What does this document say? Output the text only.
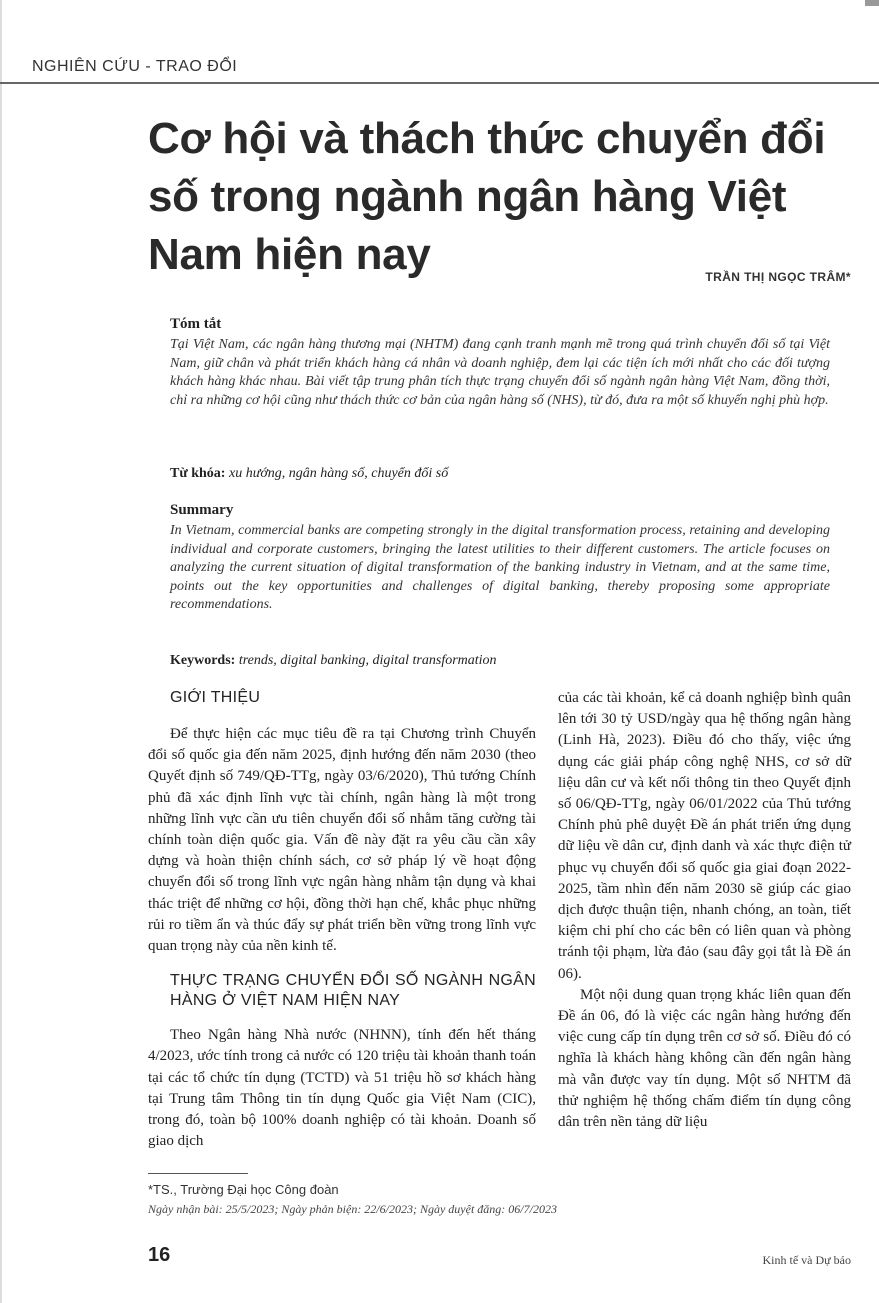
NGHIÊN CỨU - TRAO ĐỔI
Cơ hội và thách thức chuyển đổi số trong ngành ngân hàng Việt Nam hiện nay	TRẦN THỊ NGỌC TRÂM*
Tóm tắt
Tại Việt Nam, các ngân hàng thương mại (NHTM) đang cạnh tranh mạnh mẽ trong quá trình chuyển đổi số tại Việt Nam, giữ chân và phát triển khách hàng cá nhân và doanh nghiệp, đem lại các tiện ích mới nhất cho các đối tượng khách hàng khác nhau. Bài viết tập trung phân tích thực trạng chuyển đổi số ngành ngân hàng Việt Nam, đồng thời, chỉ ra những cơ hội cũng như thách thức cơ bản của ngân hàng số (NHS), từ đó, đưa ra một số khuyến nghị phù hợp.
Từ khóa: xu hướng, ngân hàng số, chuyển đổi số
Summary
In Vietnam, commercial banks are competing strongly in the digital transformation process, retaining and developing individual and corporate customers, bringing the latest utilities to their different customers. The article focuses on analyzing the current situation of digital transformation of the banking industry in Vietnam, and at the same time, points out the key opportunities and challenges of digital banking, thereby proposing some appropriate recommendations.
Keywords: trends, digital banking, digital transformation
GIỚI THIỆU

Để thực hiện các mục tiêu đề ra tại Chương trình Chuyển đổi số quốc gia đến năm 2025, định hướng đến năm 2030 (theo Quyết định số 749/QĐ-TTg, ngày 03/6/2020), Thủ tướng Chính phủ đã xác định lĩnh vực tài chính, ngân hàng là một trong những lĩnh vực cần ưu tiên chuyển đổi số nhằm tăng cường tài chính toàn diện quốc gia. Vấn đề này đặt ra yêu cầu cần xây dựng và hoàn thiện chính sách, cơ sở pháp lý về hoạt động chuyển đổi số trong lĩnh vực ngân hàng nhằm tận dụng và khai thác triệt để những cơ hội, đồng thời hạn chế, khắc phục những rủi ro tiềm ẩn và thúc đẩy sự phát triển bền vững trong lĩnh vực quan trọng này của nền kinh tế.

THỰC TRẠNG CHUYỂN ĐỔI SỐ NGÀNH NGÂN HÀNG Ở VIỆT NAM HIỆN NAY

Theo Ngân hàng Nhà nước (NHNN), tính đến hết tháng 4/2023, ước tính trong cả nước có 120 triệu tài khoản thanh toán tại các tổ chức tín dụng (TCTD) và 51 triệu hồ sơ khách hàng tại Trung tâm Thông tin tín dụng Quốc gia Việt Nam (CIC), trong đó, toàn bộ 100% doanh nghiệp có tài khoản. Doanh số giao dịch

của các tài khoản, kể cả doanh nghiệp bình quân lên tới 30 tỷ USD/ngày qua hệ thống ngân hàng (Linh Hà, 2023). Điều đó cho thấy, việc ứng dụng các giải pháp công nghệ NHS, cơ sở dữ liệu dân cư và kết nối thông tin theo Quyết định số 06/QĐ-TTg, ngày 06/01/2022 của Thủ tướng Chính phủ phê duyệt Đề án phát triển ứng dụng dữ liệu về dân cư, định danh và xác thực điện tử phục vụ chuyển đổi số quốc gia giai đoạn 2022-2025, tầm nhìn đến năm 2030 sẽ giúp các giao dịch được thuận tiện, nhanh chóng, an toàn, tiết kiệm chi phí cho các bên có liên quan và phòng tránh tội phạm, lừa đảo (sau đây gọi tắt là Đề án 06).

Một nội dung quan trọng khác liên quan đến Đề án 06, đó là việc các ngân hàng hướng đến việc cung cấp tín dụng trên cơ sở số. Điều đó có nghĩa là khách hàng không cần đến ngân hàng mà vẫn được vay tín dụng. Một số NHTM đã thử nghiệm hệ thống chấm điểm tín dụng công dân trên nền tảng dữ liệu

*TS., Trường Đại học Công đoàn
Ngày nhận bài: 25/5/2023; Ngày phản biện: 22/6/2023; Ngày duyệt đăng: 06/7/2023
16	Kinh tế và Dự báo
